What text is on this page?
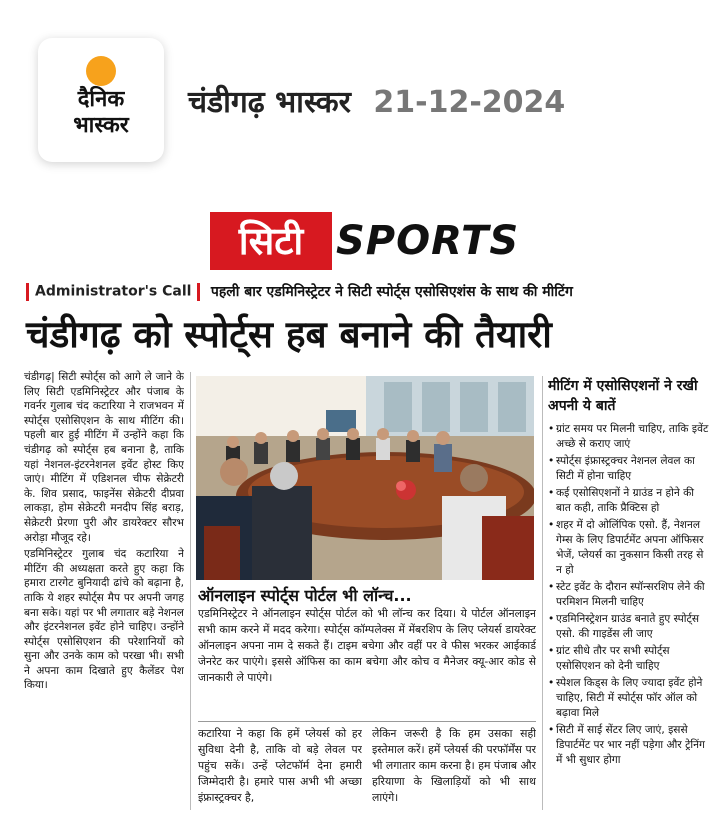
दैनिक
भास्कर
चंडीगढ़ भास्कर 21-12-2024
सिटी SPORTS
Administrator's Call पहली बार एडमिनिस्ट्रेटर ने सिटी स्पोर्ट्स एसोसिएशंस के साथ की मीटिंग
चंडीगढ़ को स्पोर्ट्स हब बनाने की तैयारी

चंडीगढ़| सिटी स्पोर्ट्स को आगे ले जाने के लिए सिटी एडमिनिस्ट्रेटर और पंजाब के गवर्नर गुलाब चंद कटारिया ने राजभवन में स्पोर्ट्स एसोसिएशन के साथ मीटिंग की। पहली बार हुई मीटिंग में उन्होंने कहा कि चंडीगढ़ को स्पोर्ट्स हब बनाना है, ताकि यहां नेशनल-इंटरनेशनल इवेंट होस्ट किए जाएं। मीटिंग में एडिशनल चीफ सेक्रेटरी के. शिव प्रसाद, फाइनेंस सेक्रेटरी दीप्रवा लाकड़ा, होम सेक्रेटरी मनदीप सिंह बराड़, सेक्रेटरी प्रेरणा पुरी और डायरेक्टर सौरभ अरोड़ा मौजूद रहे।

एडमिनिस्ट्रेटर गुलाब चंद कटारिया ने मीटिंग की अध्यक्षता करते हुए कहा कि हमारा टारगेट बुनियादी ढांचे को बढ़ाना है, ताकि ये शहर स्पोर्ट्स मैप पर अपनी जगह बना सके। यहां पर भी लगातार बड़े नेशनल और इंटरनेशनल इवेंट होने चाहिए। उन्होंने स्पोर्ट्स एसोसिएशन की परेशानियों को सुना और उनके काम को परखा भी। सभी ने अपना काम दिखाते हुए कैलेंडर पेश किया।

ऑनलाइन स्पोर्ट्स पोर्टल भी लॉन्च...
एडमिनिस्ट्रेटर ने ऑनलाइन स्पोर्ट्स पोर्टल को भी लॉन्च कर दिया। ये पोर्टल ऑनलाइन सभी काम करने में मदद करेगा। स्पोर्ट्स कॉम्पलेक्स में मेंबरशिप के लिए प्लेयर्स डायरेक्ट ऑनलाइन अपना नाम दे सकते हैं। टाइम बचेगा और वहीं पर वे फीस भरकर आईकार्ड जेनरेट कर पाएंगे। इससे ऑफिस का काम बचेगा और कोच व मैनेजर क्यू-आर कोड से जानकारी ले पाएंगे।
कटारिया ने कहा कि हमें प्लेयर्स को हर सुविधा देनी है, ताकि वो बड़े लेवल पर पहुंच सकें। उन्हें प्लेटफॉर्म देना हमारी जिम्मेदारी है। हमारे पास अभी भी अच्छा इंफ्रास्ट्रक्चर है,
लेकिन जरूरी है कि हम उसका सही इस्तेमाल करें। हमें प्लेयर्स की परफॉर्मेंस पर भी लगातार काम करना है। हम पंजाब और हरियाणा के खिलाड़ियों को भी साथ लाएंगे।
मीटिंग में एसोसिएशनों ने रखी अपनी ये बातें
• ग्रांट समय पर मिलनी चाहिए, ताकि इवेंट अच्छे से कराए जाएं
• स्पोर्ट्स इंफ्रास्ट्रक्चर नेशनल लेवल का सिटी में होना चाहिए
• कई एसोसिएशनों ने ग्राउंड न होने की बात कही, ताकि प्रैक्टिस हो
• शहर में दो ओलिंपिक एसो. हैं, नेशनल गेम्स के लिए डिपार्टमेंट अपना ऑफिसर भेजें, प्लेयर्स का नुकसान किसी तरह से न हो
• स्टेट इवेंट के दौरान स्पॉन्सरशिप लेने की परमिशन मिलनी चाहिए
• एडमिनिस्ट्रेशन ग्राउंड बनाते हुए स्पोर्ट्स एसो. की गाइडेंस ली जाए
• ग्रांट सीधे तौर पर सभी स्पोर्ट्स एसोसिएशन को देनी चाहिए
• स्पेशल किड्स के लिए ज्यादा इवेंट होने चाहिए, सिटी में स्पोर्ट्स फॉर ऑल को बढ़ावा मिले
• सिटी में साई सेंटर लिए जाएं, इससे डिपार्टमेंट पर भार नहीं पड़ेगा और ट्रेनिंग में भी सुधार होगा
